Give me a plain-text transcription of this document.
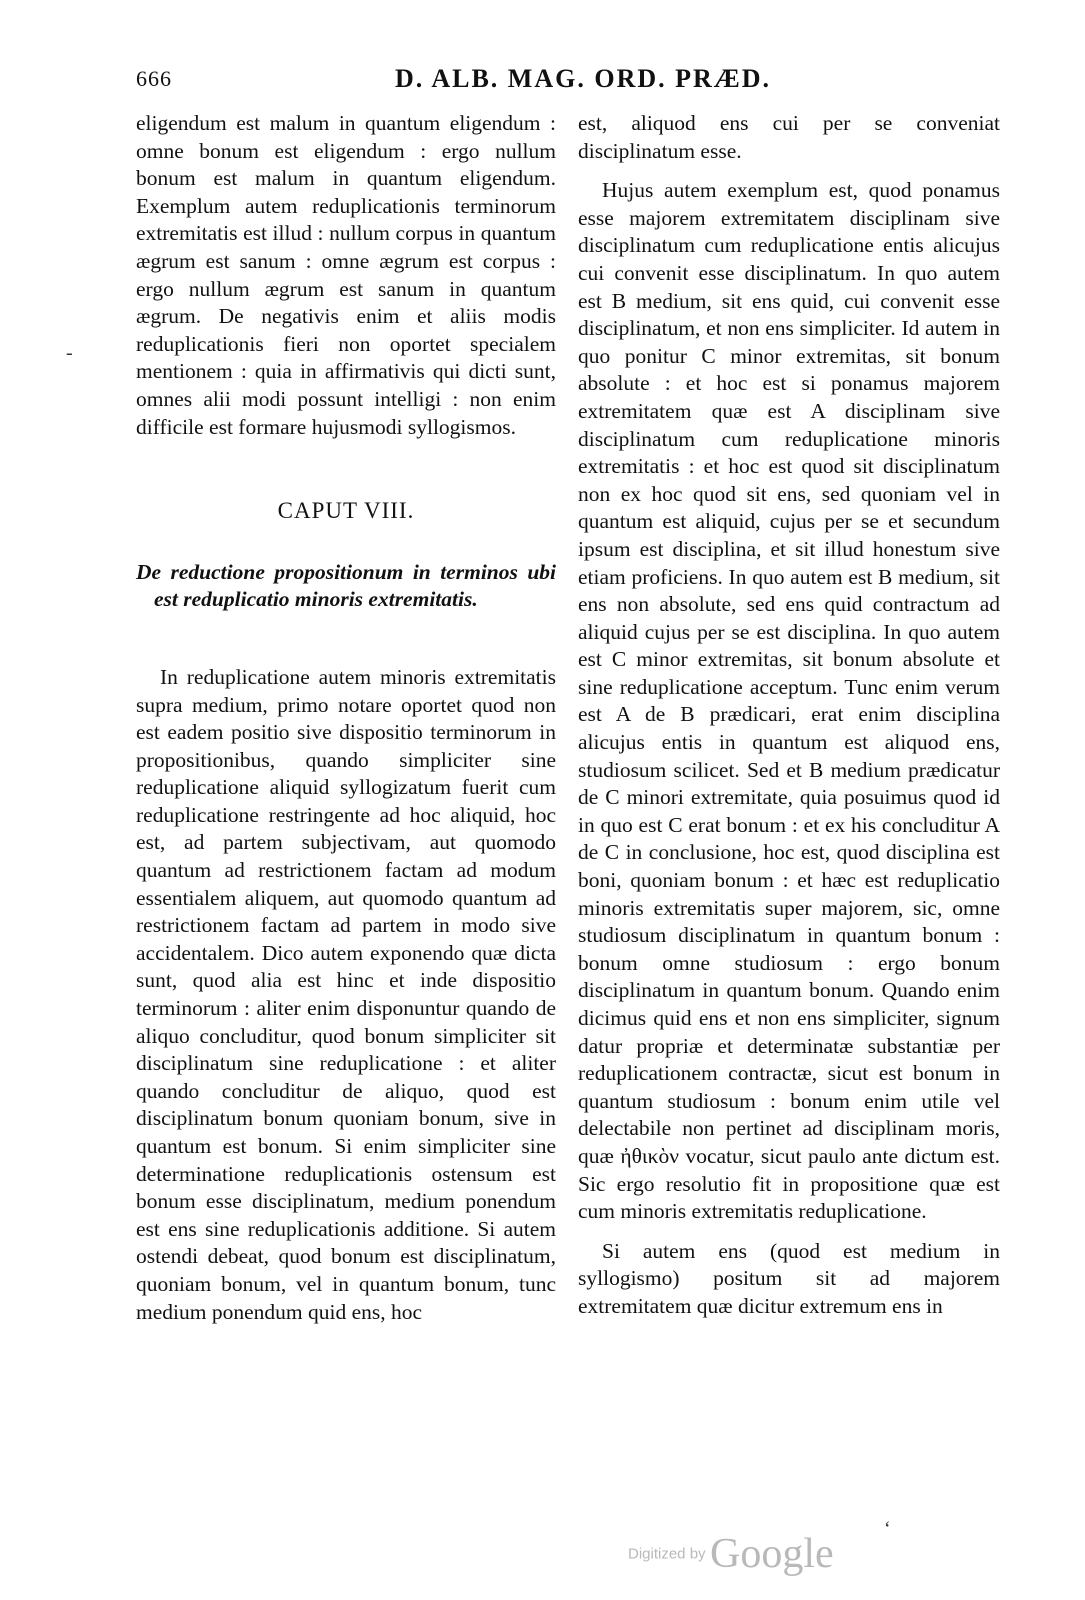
666	D. ALB. MAG. ORD. PRÆD.

eligendum est malum in quantum eligendum : omne bonum est eligendum : ergo nullum bonum est malum in quantum eligendum. Exemplum autem reduplicationis terminorum extremitatis est illud : nullum corpus in quantum ægrum est sanum : omne ægrum est corpus : ergo nullum ægrum est sanum in quantum ægrum. De negativis enim et aliis modis reduplicationis fieri non oportet specialem mentionem : quia in affirmativis qui dicti sunt, omnes alii modi possunt intelligi : non enim difficile est formare hujusmodi syllogismos.

CAPUT VIII.

De reductione propositionum in terminos ubi est reduplicatio minoris extremitatis.

In reduplicatione autem minoris extremitatis supra medium, primo notare oportet quod non est eadem positio sive dispositio terminorum in propositionibus, quando simpliciter sine reduplicatione aliquid syllogizatum fuerit cum reduplicatione restringente ad hoc aliquid, hoc est, ad partem subjectivam, aut quomodo quantum ad restrictionem factam ad modum essentialem aliquem, aut quomodo quantum ad restrictionem factam ad partem in modo sive accidentalem. Dico autem exponendo quæ dicta sunt, quod alia est hinc et inde dispositio terminorum : aliter enim disponuntur quando de aliquo concluditur, quod bonum simpliciter sit disciplinatum sine reduplicatione : et aliter quando concluditur de aliquo, quod est disciplinatum bonum quoniam bonum, sive in quantum est bonum. Si enim simpliciter sine determinatione reduplicationis ostensum est bonum esse disciplinatum, medium ponendum est ens sine reduplicationis additione. Si autem ostendi debeat, quod bonum est disciplinatum, quoniam bonum, vel in quantum bonum, tunc medium ponendum quid ens, hoc

est, aliquod ens cui per se conveniat disciplinatum esse.

Hujus autem exemplum est, quod ponamus esse majorem extremitatem disciplinam sive disciplinatum cum reduplicatione entis alicujus cui convenit esse disciplinatum. In quo autem est B medium, sit ens quid, cui convenit esse disciplinatum, et non ens simpliciter. Id autem in quo ponitur C minor extremitas, sit bonum absolute : et hoc est si ponamus majorem extremitatem quæ est A disciplinam sive disciplinatum cum reduplicatione minoris extremitatis : et hoc est quod sit disciplinatum non ex hoc quod sit ens, sed quoniam vel in quantum est aliquid, cujus per se et secundum ipsum est disciplina, et sit illud honestum sive etiam proficiens. In quo autem est B medium, sit ens non absolute, sed ens quid contractum ad aliquid cujus per se est disciplina. In quo autem est C minor extremitas, sit bonum absolute et sine reduplicatione acceptum. Tunc enim verum est A de B prædicari, erat enim disciplina alicujus entis in quantum est aliquod ens, studiosum scilicet. Sed et B medium prædicatur de C minori extremitate, quia posuimus quod id in quo est C erat bonum : et ex his concluditur A de C in conclusione, hoc est, quod disciplina est boni, quoniam bonum : et hæc est reduplicatio minoris extremitatis super majorem, sic, omne studiosum disciplinatum in quantum bonum : bonum omne studiosum : ergo bonum disciplinatum in quantum bonum. Quando enim dicimus quid ens et non ens simpliciter, signum datur propriæ et determinatæ substantiæ per reduplicationem contractæ, sicut est bonum in quantum studiosum : bonum enim utile vel delectabile non pertinet ad disciplinam moris, quæ ἠθικὸν vocatur, sicut paulo ante dictum est. Sic ergo resolutio fit in propositione quæ est cum minoris extremitatis reduplicatione.

Si autem ens (quod est medium in syllogismo) positum sit ad majorem extremitatem quæ dicitur extremum ens in

-
‘
Digitized by Google
